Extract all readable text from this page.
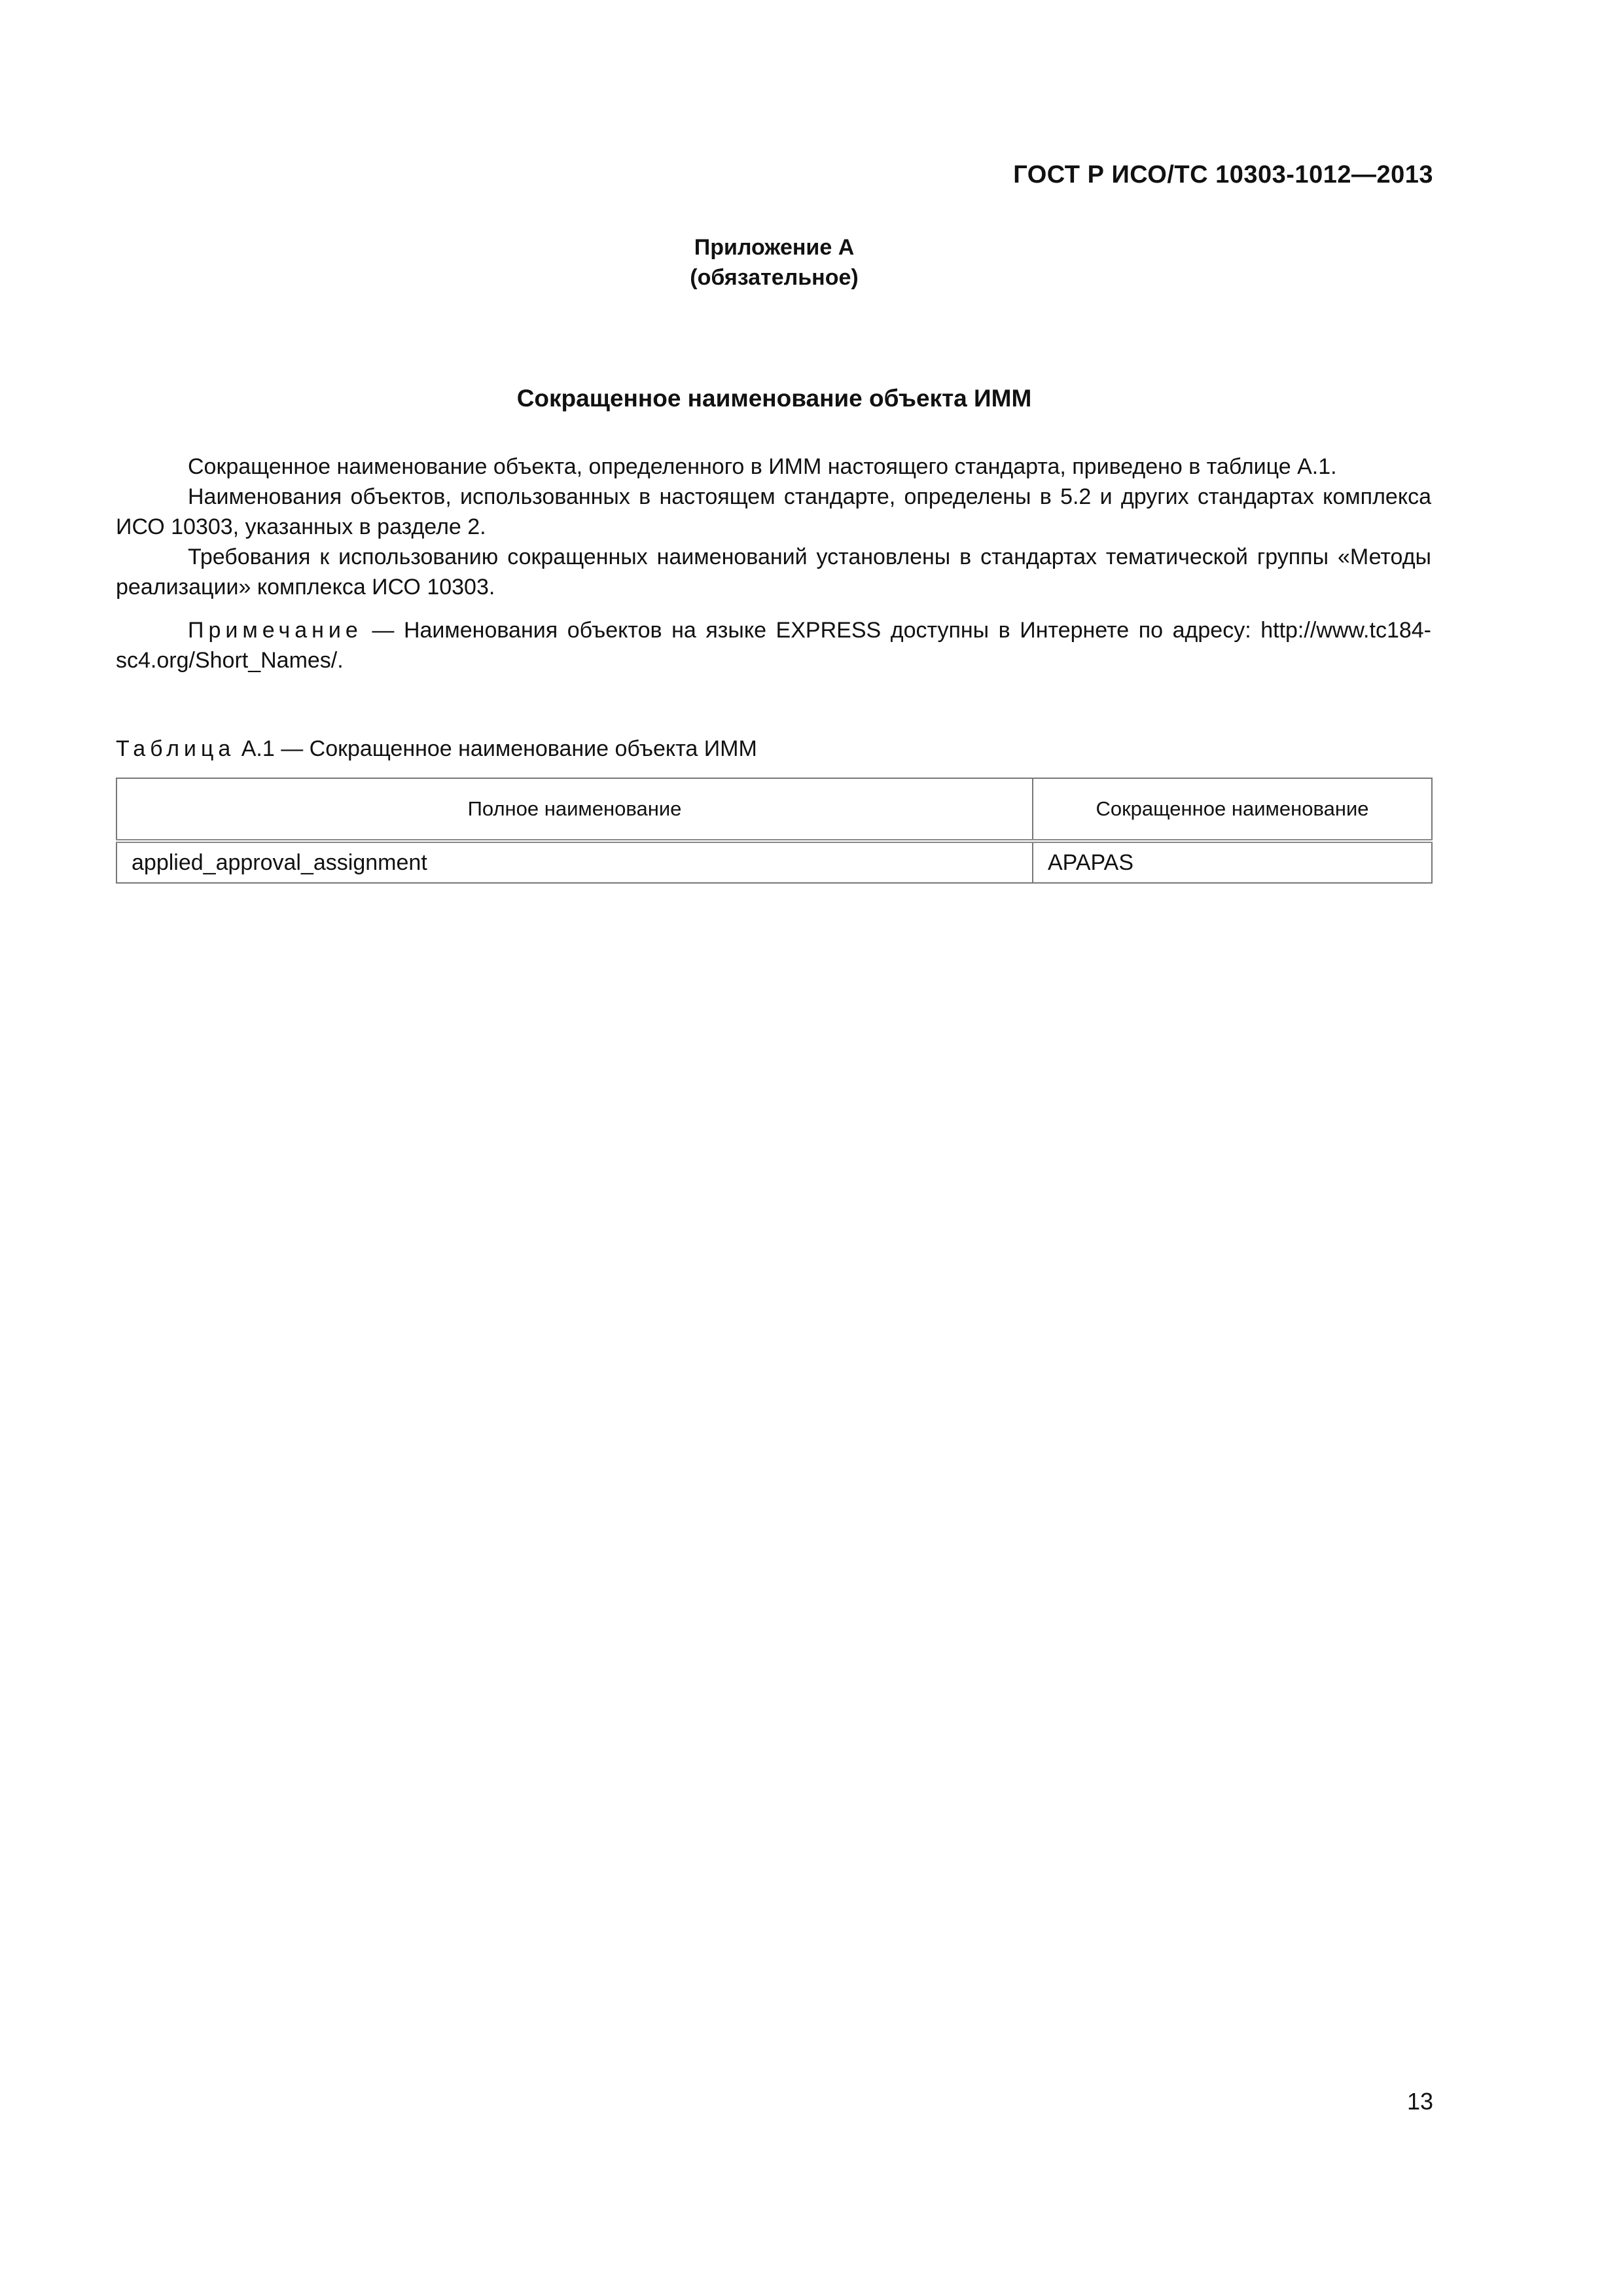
ГОСТ Р ИСО/ТС 10303-1012—2013
Приложение А
(обязательное)
Сокращенное наименование объекта ИММ

Сокращенное наименование объекта, определенного в ИММ настоящего стандарта, приведено в таблице А.1.

Наименования объектов, использованных в настоящем стандарте, определены в 5.2 и других стандартах комплекса ИСО 10303, указанных в разделе 2.

Требования к использованию сокращенных наименований установлены в стандартах тематической группы «Методы реализации» комплекса ИСО 10303.

Примечание — Наименования объектов на языке EXPRESS доступны в Интернете по адресу: http://www.tc184-sc4.org/Short_Names/.

Таблица А.1 — Сокращенное наименование объекта ИММ
Полное наименование	Сокращенное наименование
applied_approval_assignment	APAPAS
13
